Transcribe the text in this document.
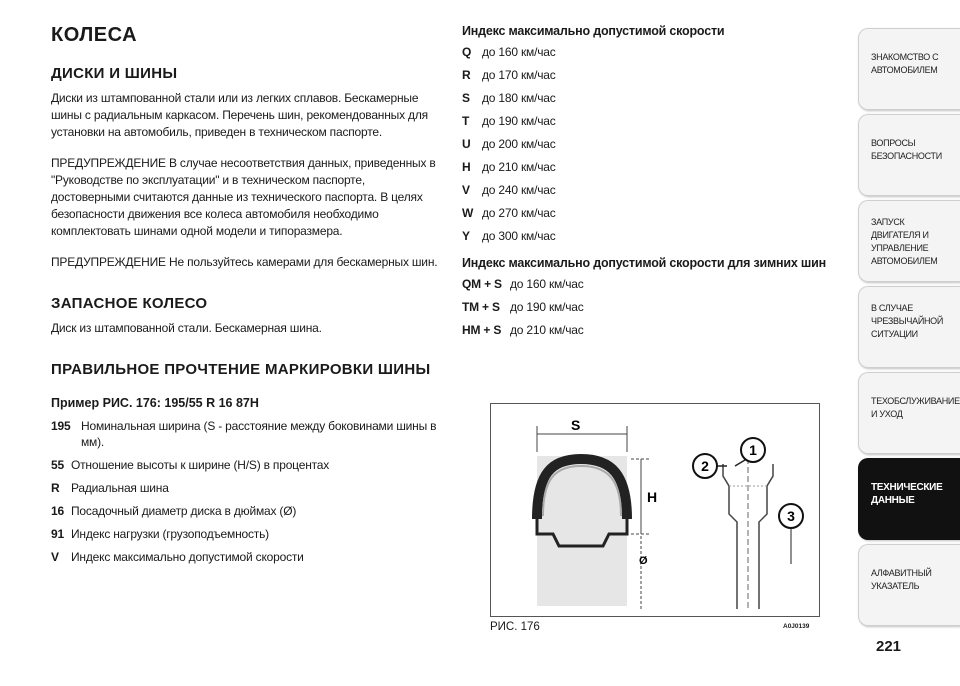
КОЛЕСА
ДИСКИ И ШИНЫ
Диски из штампованной стали или из легких сплавов. Бескамерные шины с радиальным каркасом. Перечень шин, рекомендованных для установки на автомобиль, приведен в техническом паспорте.
ПРЕДУПРЕЖДЕНИЕ В случае несоответствия данных, приведенных в "Руководстве по эксплуатации" и в техническом паспорте, достоверными считаются данные из технического паспорта. В целях безопасности движения все колеса автомобиля необходимо комплектовать шинами одной модели и типоразмера.
ПРЕДУПРЕЖДЕНИЕ Не пользуйтесь камерами для бескамерных шин.
ЗАПАСНОЕ КОЛЕСО
Диск из штампованной стали. Бескамерная шина.
ПРАВИЛЬНОЕ ПРОЧТЕНИЕ МАРКИРОВКИ ШИНЫ
Пример РИС. 176: 195/55 R 16 87H
195 Номинальная ширина (S - расстояние между боковинами шины в мм).
55 Отношение высоты к ширине (H/S) в процентах
R Радиальная шина
16 Посадочный диаметр диска в дюймах (Ø)
91 Индекс нагрузки (грузоподъемность)
V	Индекс максимально допустимой скорости
Индекс максимально допустимой скорости
Q до 160 км/час
R до 170 км/час
S	до 180 км/час
T	до 190 км/час
U до 200 км/час
H до 210 км/час
V	до 240 км/час
W до 270 км/час
Y	до 300 км/час
Индекс максимально допустимой скорости для зимних шин
QM + S до 160 км/час
TM + S до 190 км/час
HM + S до 210 км/час
S
H
Ø
1
2
3
РИС. 176	A0J0139
ЗНАКОМСТВО С
АВТОМОБИЛЕМ
ВОПРОСЫ
БЕЗОПАСНОСТИ
ЗАПУСК ДВИГАТЕЛЯ И
УПРАВЛЕНИЕ
АВТОМОБИЛЕМ
В СЛУЧАЕ
ЧРЕЗВЫЧАЙНОЙ
СИТУАЦИИ
ТЕХОБСЛУЖИВАНИЕ
И УХОД
ТЕХНИЧЕСКИЕ
ДАННЫЕ
АЛФАВИТНЫЙ
УКАЗАТЕЛЬ
221
